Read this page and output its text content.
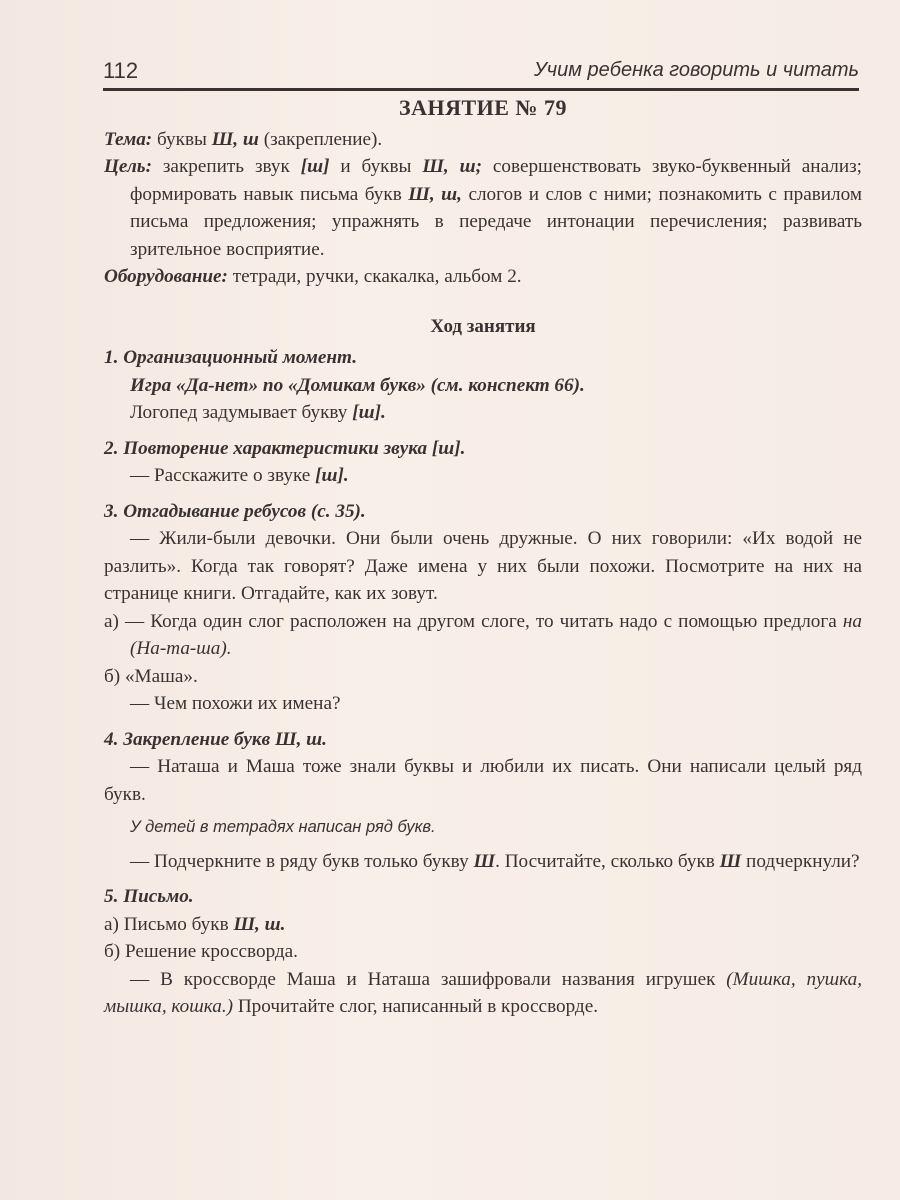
112	Учим ребенка говорить и читать

ЗАНЯТИЕ № 79

Тема: буквы Ш, ш (закрепление).

Цель: закрепить звук [ш] и буквы Ш, ш; совершенствовать звуко-буквенный анализ; формировать навык письма букв Ш, ш, слогов и слов с ними; познакомить с правилом письма предложения; упражнять в передаче интонации перечисления; развивать зрительное восприятие.

Оборудование: тетради, ручки, скакалка, альбом 2.

Ход занятия

1. Организационный момент.

Игра «Да-нет» по «Домикам букв» (см. конспект 66).

Логопед задумывает букву [ш].

2. Повторение характеристики звука [ш].

— Расскажите о звуке [ш].

3. Отгадывание ребусов (с. 35).

— Жили-были девочки. Они были очень дружные. О них говорили: «Их водой не разлить». Когда так говорят? Даже имена у них были похожи. Посмотрите на них на странице книги. Отгадайте, как их зовут.

а) — Когда один слог расположен на другом слоге, то читать надо с помощью предлога на (На-та-ша).

б) «Маша».

— Чем похожи их имена?

4. Закрепление букв Ш, ш.

— Наташа и Маша тоже знали буквы и любили их писать. Они написали целый ряд букв.

У детей в тетрадях написан ряд букв.

— Подчеркните в ряду букв только букву Ш. Посчитайте, сколько букв Ш подчеркнули?

5. Письмо.

а) Письмо букв Ш, ш.

б) Решение кроссворда.

— В кроссворде Маша и Наташа зашифровали названия игрушек (Мишка, пушка, мышка, кошка.) Прочитайте слог, написанный в кроссворде.
